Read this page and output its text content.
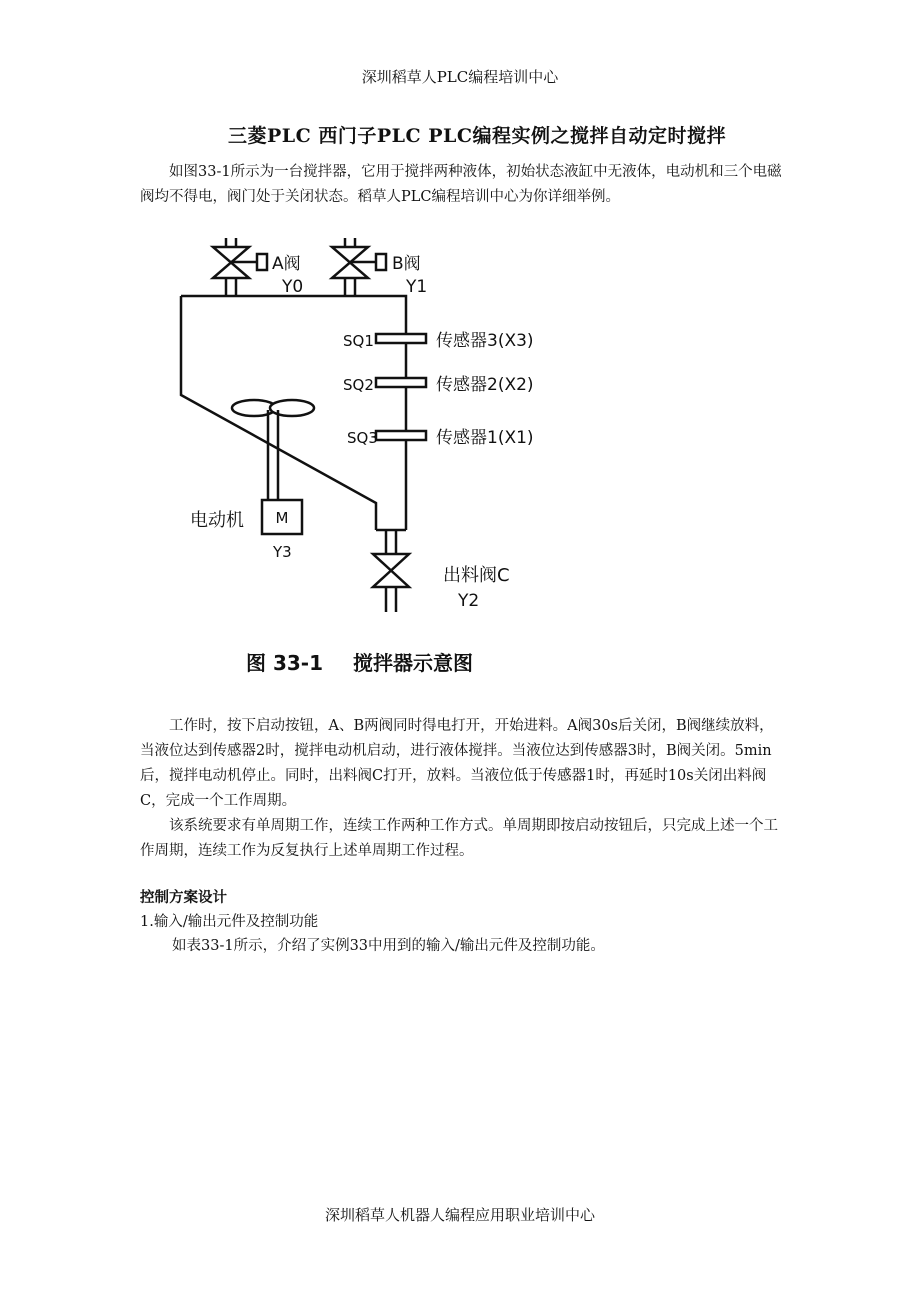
深圳稻草人PLC编程培训中心
三菱PLC 西门子PLC PLC编程实例之搅拌自动定时搅拌

如图33-1所示为一台搅拌器，它用于搅拌两种液体，初始状态液缸中无液体，电动机和三个电磁阀均不得电，阀门处于关闭状态。稻草人PLC编程培训中心为你详细举例。

A阀
Y0
B阀
Y1
SQ1	传感器3(X3)
SQ2	传感器2(X2)
SQ3	传感器1(X1)
电动机 M
Y3
出料阀C
Y2
图 33-1 搅拌器示意图

工作时，按下启动按钮，A、B两阀同时得电打开，开始进料。A阀30s后关闭，B阀继续放料，当液位达到传感器2时，搅拌电动机启动，进行液体搅拌。当液位达到传感器3时，B阀关闭。5min后，搅拌电动机停止。同时，出料阀C打开，放料。当液位低于传感器1时，再延时10s关闭出料阀C，完成一个工作周期。

该系统要求有单周期工作，连续工作两种工作方式。单周期即按启动按钮后，只完成上述一个工作周期，连续工作为反复执行上述单周期工作过程。

控制方案设计
1.输入/输出元件及控制功能
如表33-1所示，介绍了实例33中用到的输入/输出元件及控制功能。
深圳稻草人机器人编程应用职业培训中心
